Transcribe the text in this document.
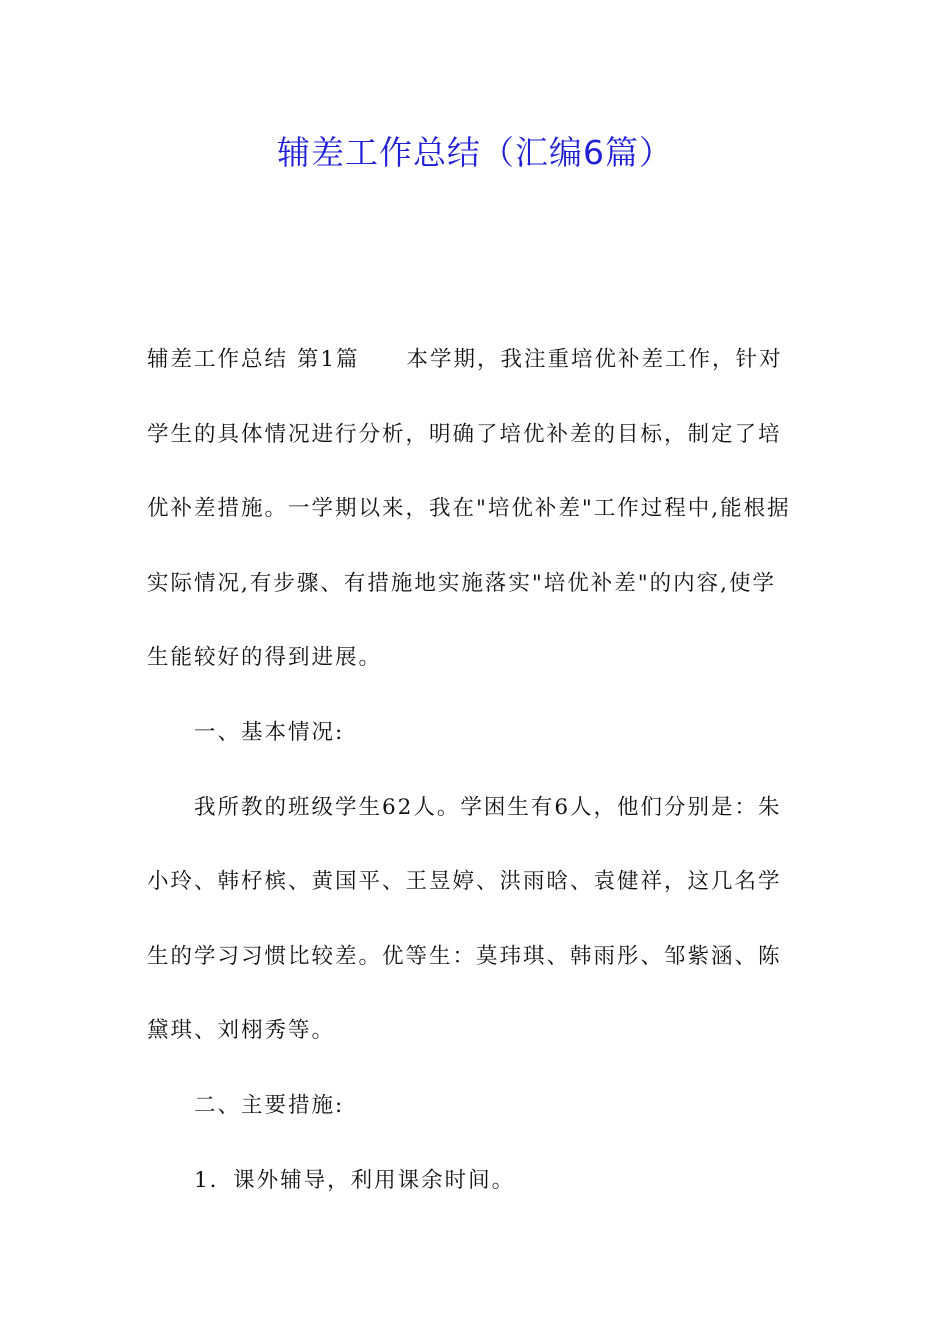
辅差工作总结（汇编6篇）

辅差工作总结 第1篇　　本学期，我注重培优补差工作，针对

学生的具体情况进行分析，明确了培优补差的目标，制定了培

优补差措施。一学期以来，我在"培优补差"工作过程中,能根据

实际情况,有步骤、有措施地实施落实"培优补差"的内容,使学

生能较好的得到进展。

一、基本情况:

我所教的班级学生62人。学困生有6人，他们分别是：朱

小玲、韩杍槟、黄国平、王昱婷、洪雨晗、袁健祥，这几名学

生的学习习惯比较差。优等生：莫玮琪、韩雨彤、邹紫涵、陈

黛琪、刘栩秀等。

二、主要措施:

1．课外辅导，利用课余时间。
